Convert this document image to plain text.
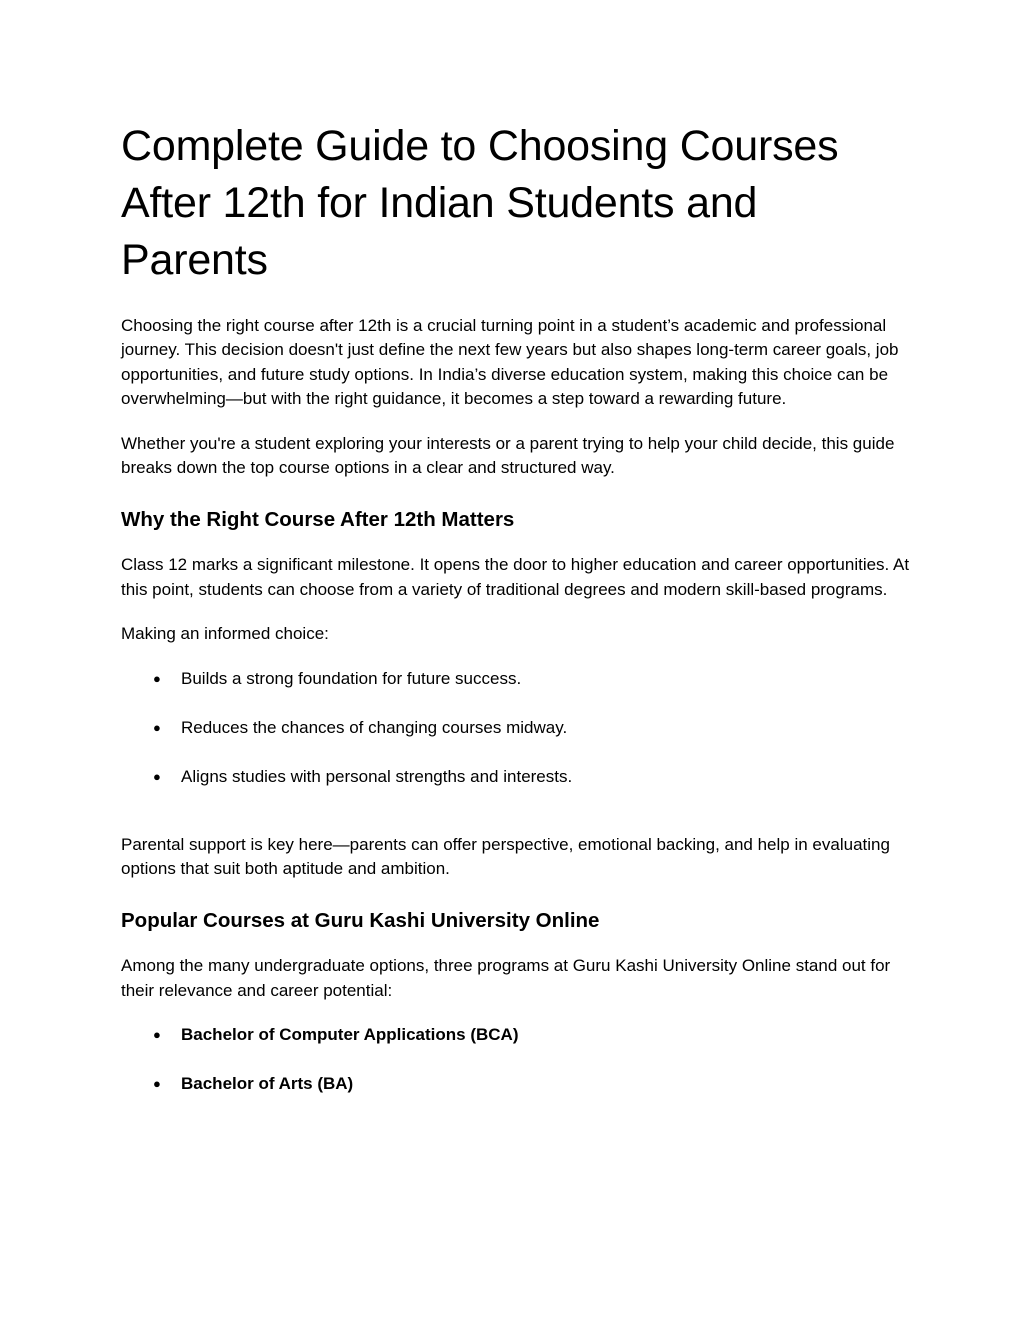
Complete Guide to Choosing Courses After 12th for Indian Students and Parents

Choosing the right course after 12th is a crucial turning point in a student’s academic and professional journey. This decision doesn't just define the next few years but also shapes long-term career goals, job opportunities, and future study options. In India’s diverse education system, making this choice can be overwhelming—but with the right guidance, it becomes a step toward a rewarding future.

Whether you're a student exploring your interests or a parent trying to help your child decide, this guide breaks down the top course options in a clear and structured way.

Why the Right Course After 12th Matters

Class 12 marks a significant milestone. It opens the door to higher education and career opportunities. At this point, students can choose from a variety of traditional degrees and modern skill-based programs.

Making an informed choice:

● Builds a strong foundation for future success.
● Reduces the chances of changing courses midway.
● Aligns studies with personal strengths and interests.

Parental support is key here—parents can offer perspective, emotional backing, and help in evaluating options that suit both aptitude and ambition.

Popular Courses at Guru Kashi University Online

Among the many undergraduate options, three programs at Guru Kashi University Online stand out for their relevance and career potential:

● Bachelor of Computer Applications (BCA)
● Bachelor of Arts (BA)
